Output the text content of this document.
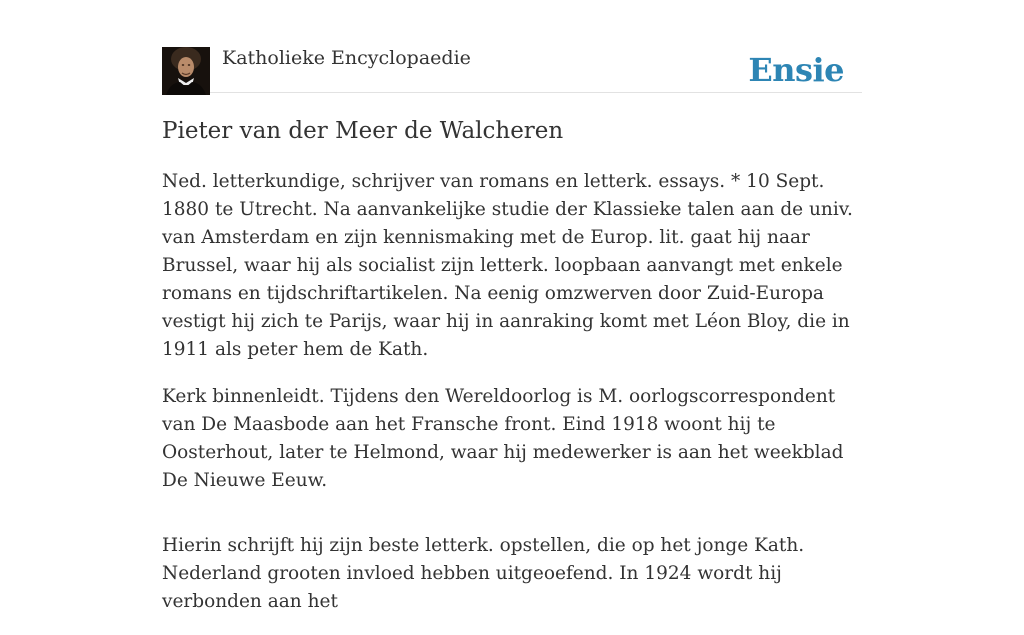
Katholieke Encyclopaedie	Ensie
Pieter van der Meer de Walcheren

Ned. letterkundige, schrijver van romans en letterk. essays. * 10 Sept. 1880 te Utrecht. Na aanvankelijke studie der Klassieke talen aan de univ. van Amsterdam en zijn kennismaking met de Europ. lit. gaat hij naar Brussel, waar hij als socialist zijn letterk. loopbaan aanvangt met enkele romans en tijdschriftartikelen. Na eenig omzwerven door Zuid-Europa vestigt hij zich te Parijs, waar hij in aanraking komt met Léon Bloy, die in 1911 als peter hem de Kath.

Kerk binnenleidt. Tijdens den Wereldoorlog is M. oorlogscorrespondent van De Maasbode aan het Fransche front. Eind 1918 woont hij te Oosterhout, later te Helmond, waar hij medewerker is aan het weekblad De Nieuwe Eeuw.

Hierin schrijft hij zijn beste letterk. opstellen, die op het jonge Kath. Nederland grooten invloed hebben uitgeoefend. In 1924 wordt hij verbonden aan het
